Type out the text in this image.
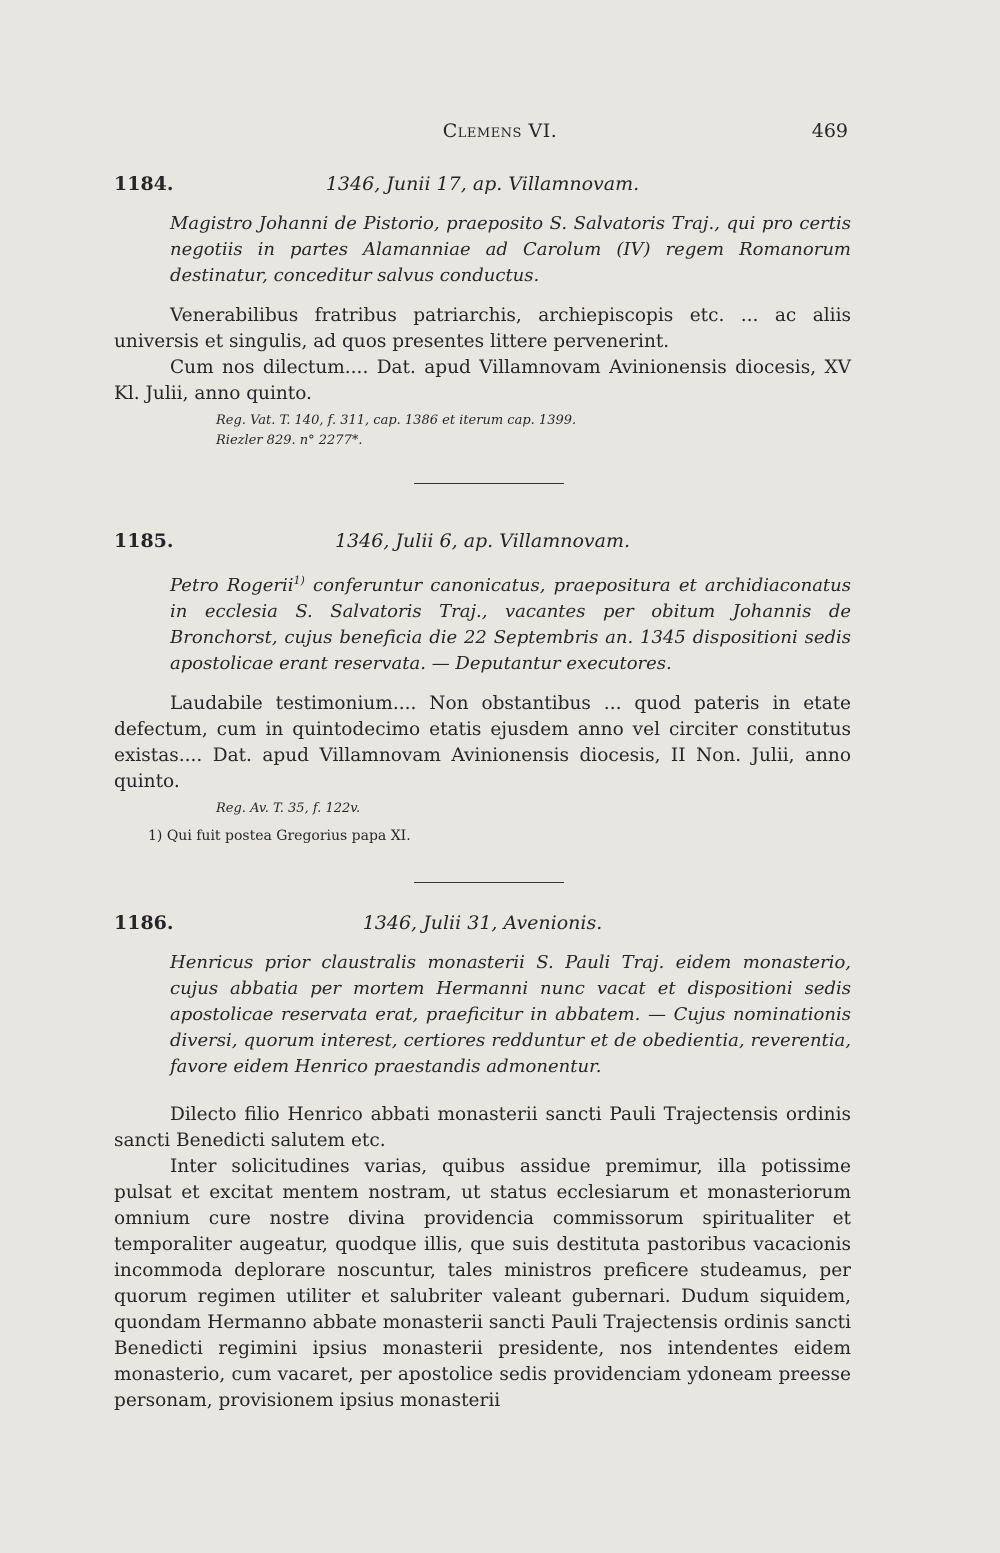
Clemens VI.	469
1184.	1346, Junii 17, ap. Villamnovam.

Magistro Johanni de Pistorio, praeposito S. Salvatoris Traj., qui pro certis negotiis in partes Alamanniae ad Carolum (IV) regem Romanorum destinatur, conceditur salvus conductus.

Venerabilibus fratribus patriarchis, archiepiscopis etc. ... ac aliis universis et singulis, ad quos presentes littere pervenerint.

Cum nos dilectum.... Dat. apud Villamnovam Avinionensis diocesis, XV Kl. Julii, anno quinto.

Reg. Vat. T. 140, f. 311, cap. 1386 et iterum cap. 1399.
Riezler 829. n° 2277*.
1185.	1346, Julii 6, ap. Villamnovam.

Petro Rogerii$^{1)}$ conferuntur canonicatus, praepositura et archidiaconatus in ecclesia S. Salvatoris Traj., vacantes per obitum Johannis de Bronchorst, cujus beneficia die 22 Septembris an. 1345 dispositioni sedis apostolicae erant reservata. — Deputantur executores.

Laudabile testimonium.... Non obstantibus ... quod pateris in etate defectum, cum in quintodecimo etatis ejusdem anno vel circiter constitutus existas.... Dat. apud Villamnovam Avinionensis diocesis, II Non. Julii, anno quinto.

Reg. Av. T. 35, f. 122v.
1) Qui fuit postea Gregorius papa XI.
1186.	1346, Julii 31, Avenionis.

Henricus prior claustralis monasterii S. Pauli Traj. eidem monasterio, cujus abbatia per mortem Hermanni nunc vacat et dispositioni sedis apostolicae reservata erat, praeficitur in abbatem. — Cujus nominationis diversi, quorum interest, certiores redduntur et de obedientia, reverentia, favore eidem Henrico praestandis admonentur.

Dilecto filio Henrico abbati monasterii sancti Pauli Trajectensis ordinis sancti Benedicti salutem etc.

Inter solicitudines varias, quibus assidue premimur, illa potissime pulsat et excitat mentem nostram, ut status ecclesiarum et monasteriorum omnium cure nostre divina providencia commissorum spiritualiter et temporaliter augeatur, quodque illis, que suis destituta pastoribus vacacionis incommoda deplorare noscuntur, tales ministros preficere studeamus, per quorum regimen utiliter et salubriter valeant gubernari. Dudum siquidem, quondam Hermanno abbate monasterii sancti Pauli Trajectensis ordinis sancti Benedicti regimini ipsius monasterii presidente, nos intendentes eidem monasterio, cum vacaret, per apostolice sedis providenciam ydoneam preesse personam, provisionem ipsius monasterii
